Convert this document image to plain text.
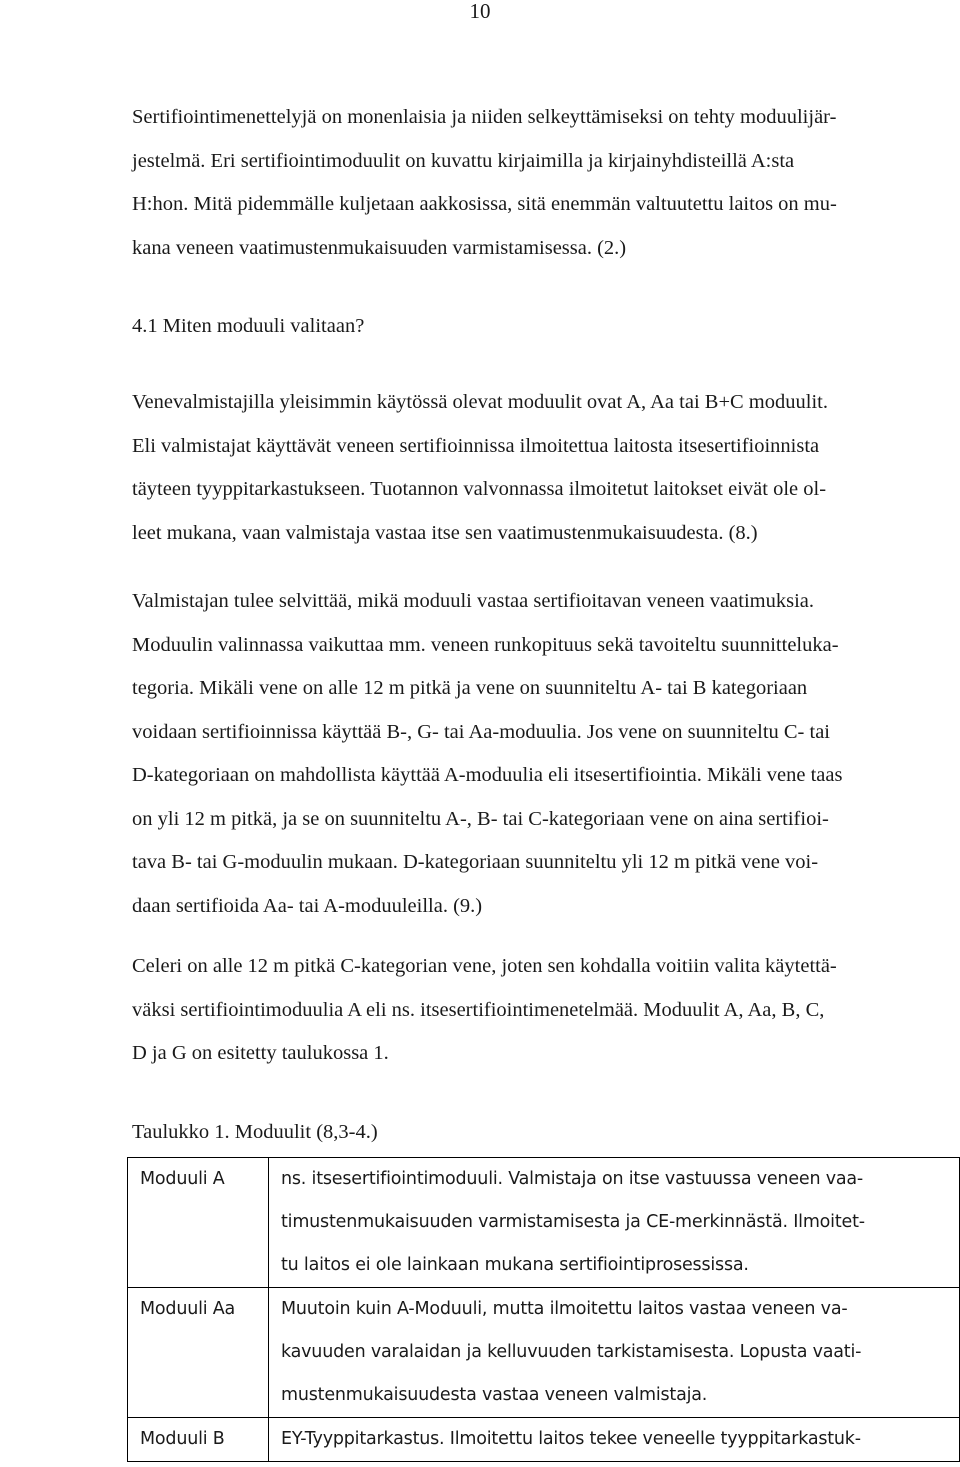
10

Sertifiointimenettelyjä on monenlaisia ja niiden selkeyttämiseksi on tehty moduulijär-
jestelmä. Eri sertifiointimoduulit on kuvattu kirjaimilla ja kirjainyhdisteillä A:sta
H:hon. Mitä pidemmälle kuljetaan aakkosissa, sitä enemmän valtuutettu laitos on mu-
kana veneen vaatimustenmukaisuuden varmistamisessa. (2.)

4.1 Miten moduuli valitaan?

Venevalmistajilla yleisimmin käytössä olevat moduulit ovat A, Aa tai B+C moduulit.
Eli valmistajat käyttävät veneen sertifioinnissa ilmoitettua laitosta itsesertifioinnista
täyteen tyyppitarkastukseen. Tuotannon valvonnassa ilmoitetut laitokset eivät ole ol-
leet mukana, vaan valmistaja vastaa itse sen vaatimustenmukaisuudesta. (8.)

Valmistajan tulee selvittää, mikä moduuli vastaa sertifioitavan veneen vaatimuksia.
Moduulin valinnassa vaikuttaa mm. veneen runkopituus sekä tavoiteltu suunnitteluka-
tegoria. Mikäli vene on alle 12 m pitkä ja vene on suunniteltu A- tai B kategoriaan
voidaan sertifioinnissa käyttää B-, G- tai Aa-moduulia. Jos vene on suunniteltu C- tai
D-kategoriaan on mahdollista käyttää A-moduulia eli itsesertifiointia. Mikäli vene taas
on yli 12 m pitkä, ja se on suunniteltu A-, B- tai C-kategoriaan vene on aina sertifioi-
tava B- tai G-moduulin mukaan. D-kategoriaan suunniteltu yli 12 m pitkä vene voi-
daan sertifioida Aa- tai A-moduuleilla. (9.)

Celeri on alle 12 m pitkä C-kategorian vene, joten sen kohdalla voitiin valita käytettä-
väksi sertifiointimoduulia A eli ns. itsesertifiointimenetelmää. Moduulit A, Aa, B, C,
D ja G on esitetty taulukossa 1.

Taulukko 1. Moduulit (8,3-4.)
Moduuli A	ns. itsesertifiointimoduuli. Valmistaja on itse vastuussa veneen vaa-
timustenmukaisuuden varmistamisesta ja CE-merkinnästä. Ilmoitet-
tu laitos ei ole lainkaan mukana sertifiointiprosessissa.

Moduuli Aa	Muutoin kuin A-Moduuli, mutta ilmoitettu laitos vastaa veneen va-
kavuuden varalaidan ja kelluvuuden tarkistamisesta. Lopusta vaati-
mustenmukaisuudesta vastaa veneen valmistaja.

Moduuli B	EY-Tyyppitarkastus. Ilmoitettu laitos tekee veneelle tyyppitarkastuk-
